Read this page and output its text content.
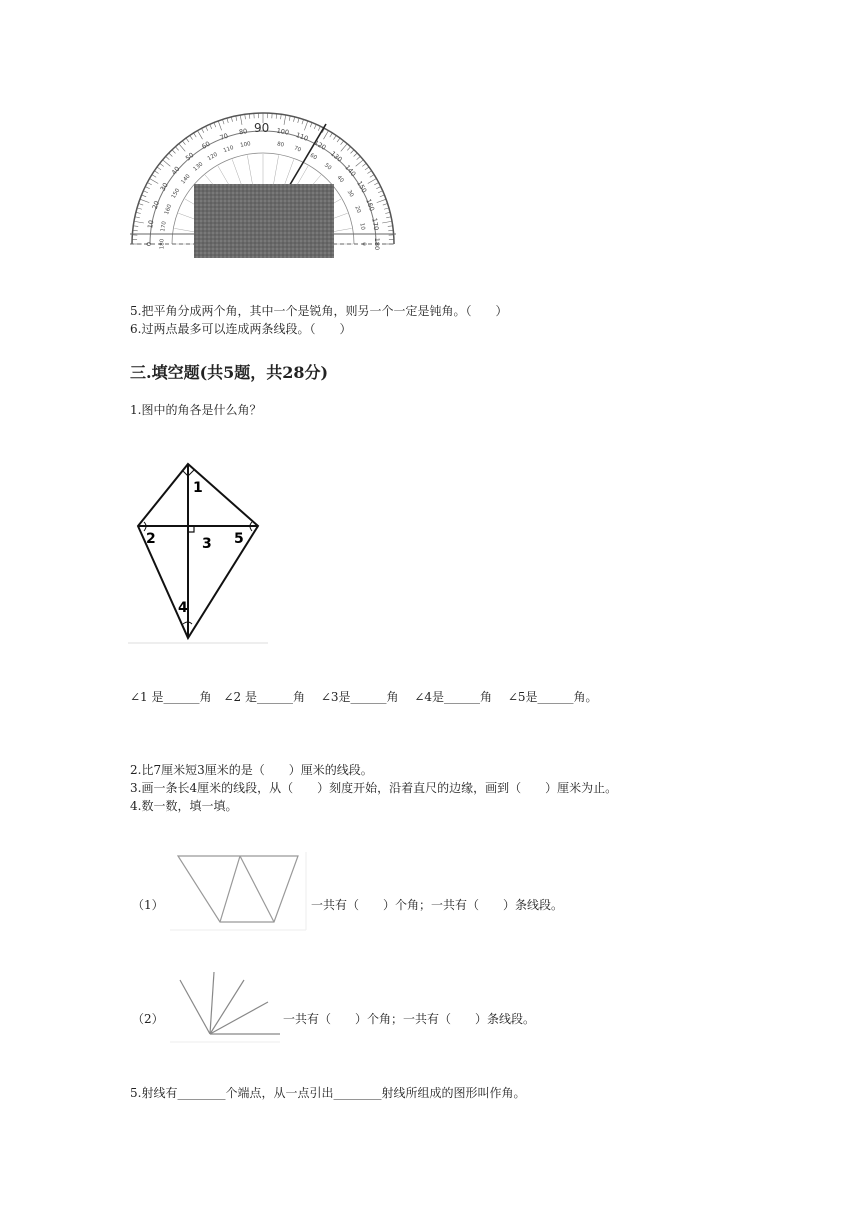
0 180
10 170
20 160
30
150
40
140
50
130
60
120
70
110
80
100
100
80
110
70 120
60 130
50 140
40
150
30
160
20
170
10
180
0
90
5.把平角分成两个角，其中一个是锐角，则另一个一定是钝角。（　　）
6.过两点最多可以连成两条线段。（　　）
三.填空题(共5题，共28分)
1.图中的角各是什么角？
1
2	3
4
5
∠1 是______角　∠2 是______角　 ∠3是______角　 ∠4是______角　 ∠5是______角。
2.比7厘米短3厘米的是（　　）厘米的线段。
3.画一条长4厘米的线段，从（　　）刻度开始，沿着直尺的边缘，画到（　　）厘米为止。
4.数一数，填一填。
（1）	一共有（　　）个角；一共有（　　）条线段。
（2）	一共有（　　）个角；一共有（　　）条线段。
5.射线有________个端点，从一点引出________射线所组成的图形叫作角。
